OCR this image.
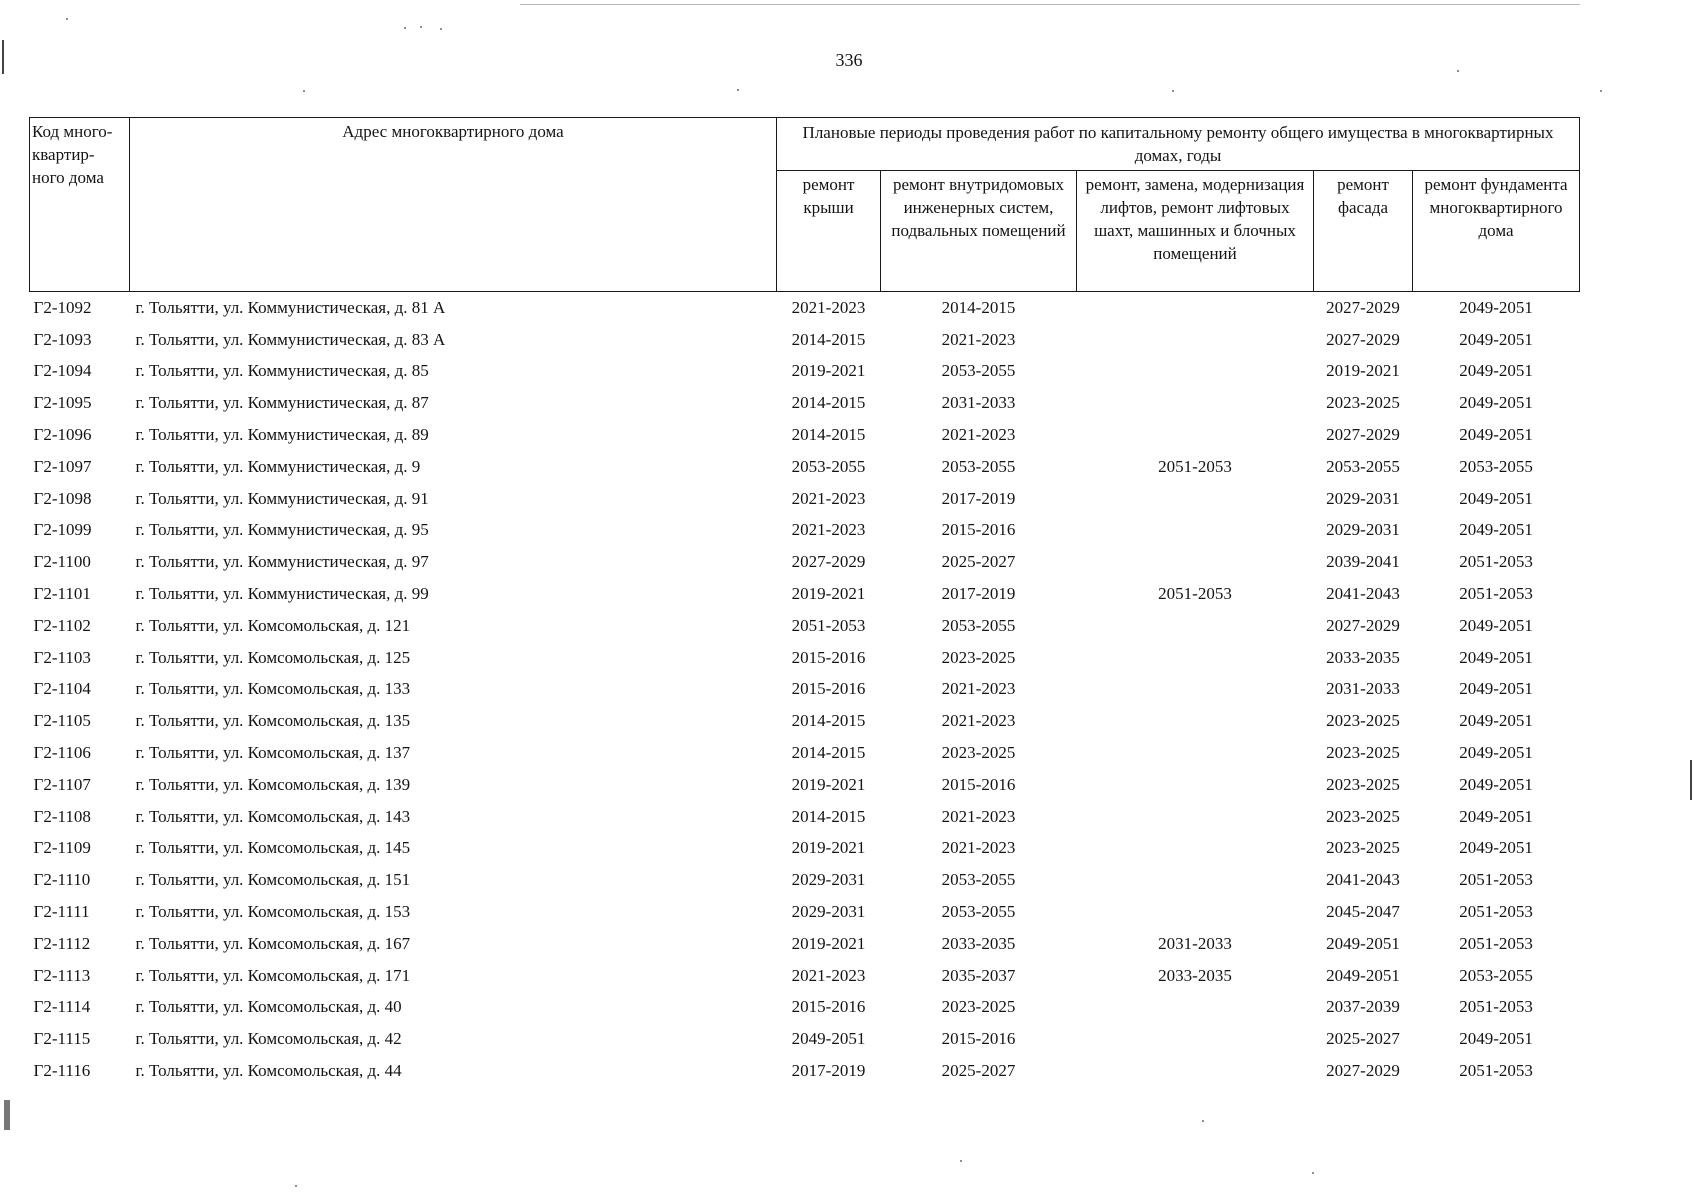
336
Код много-квартир-ного дома	Адрес многоквартирного дома	Плановые периоды проведения работ по капитальному ремонту общего имущества в многоквартирных домах, годы				
		ремонт крыши	ремонт внутридомовых инженерных систем, подвальных помещений	ремонт, замена, модернизация лифтов, ремонт лифтовых шахт, машинных и блочных помещений	ремонт фасада	ремонт фундамента многоквартирного дома
Г2-1092	г. Тольятти, ул. Коммунистическая, д. 81 А	2021-2023	2014-2015		2027-2029	2049-2051
Г2-1093	г. Тольятти, ул. Коммунистическая, д. 83 А	2014-2015	2021-2023		2027-2029	2049-2051
Г2-1094	г. Тольятти, ул. Коммунистическая, д. 85	2019-2021	2053-2055		2019-2021	2049-2051
Г2-1095	г. Тольятти, ул. Коммунистическая, д. 87	2014-2015	2031-2033		2023-2025	2049-2051
Г2-1096	г. Тольятти, ул. Коммунистическая, д. 89	2014-2015	2021-2023		2027-2029	2049-2051
Г2-1097	г. Тольятти, ул. Коммунистическая, д. 9	2053-2055	2053-2055	2051-2053	2053-2055	2053-2055
Г2-1098	г. Тольятти, ул. Коммунистическая, д. 91	2021-2023	2017-2019		2029-2031	2049-2051
Г2-1099	г. Тольятти, ул. Коммунистическая, д. 95	2021-2023	2015-2016		2029-2031	2049-2051
Г2-1100	г. Тольятти, ул. Коммунистическая, д. 97	2027-2029	2025-2027		2039-2041	2051-2053
Г2-1101	г. Тольятти, ул. Коммунистическая, д. 99	2019-2021	2017-2019	2051-2053	2041-2043	2051-2053
Г2-1102	г. Тольятти, ул. Комсомольская, д. 121	2051-2053	2053-2055		2027-2029	2049-2051
Г2-1103	г. Тольятти, ул. Комсомольская, д. 125	2015-2016	2023-2025		2033-2035	2049-2051
Г2-1104	г. Тольятти, ул. Комсомольская, д. 133	2015-2016	2021-2023		2031-2033	2049-2051
Г2-1105	г. Тольятти, ул. Комсомольская, д. 135	2014-2015	2021-2023		2023-2025	2049-2051
Г2-1106	г. Тольятти, ул. Комсомольская, д. 137	2014-2015	2023-2025		2023-2025	2049-2051
Г2-1107	г. Тольятти, ул. Комсомольская, д. 139	2019-2021	2015-2016		2023-2025	2049-2051
Г2-1108	г. Тольятти, ул. Комсомольская, д. 143	2014-2015	2021-2023		2023-2025	2049-2051
Г2-1109	г. Тольятти, ул. Комсомольская, д. 145	2019-2021	2021-2023		2023-2025	2049-2051
Г2-1110	г. Тольятти, ул. Комсомольская, д. 151	2029-2031	2053-2055		2041-2043	2051-2053
Г2-1111	г. Тольятти, ул. Комсомольская, д. 153	2029-2031	2053-2055		2045-2047	2051-2053
Г2-1112	г. Тольятти, ул. Комсомольская, д. 167	2019-2021	2033-2035	2031-2033	2049-2051	2051-2053
Г2-1113	г. Тольятти, ул. Комсомольская, д. 171	2021-2023	2035-2037	2033-2035	2049-2051	2053-2055
Г2-1114	г. Тольятти, ул. Комсомольская, д. 40	2015-2016	2023-2025		2037-2039	2051-2053
Г2-1115	г. Тольятти, ул. Комсомольская, д. 42	2049-2051	2015-2016		2025-2027	2049-2051
Г2-1116	г. Тольятти, ул. Комсомольская, д. 44	2017-2019	2025-2027		2027-2029	2051-2053
